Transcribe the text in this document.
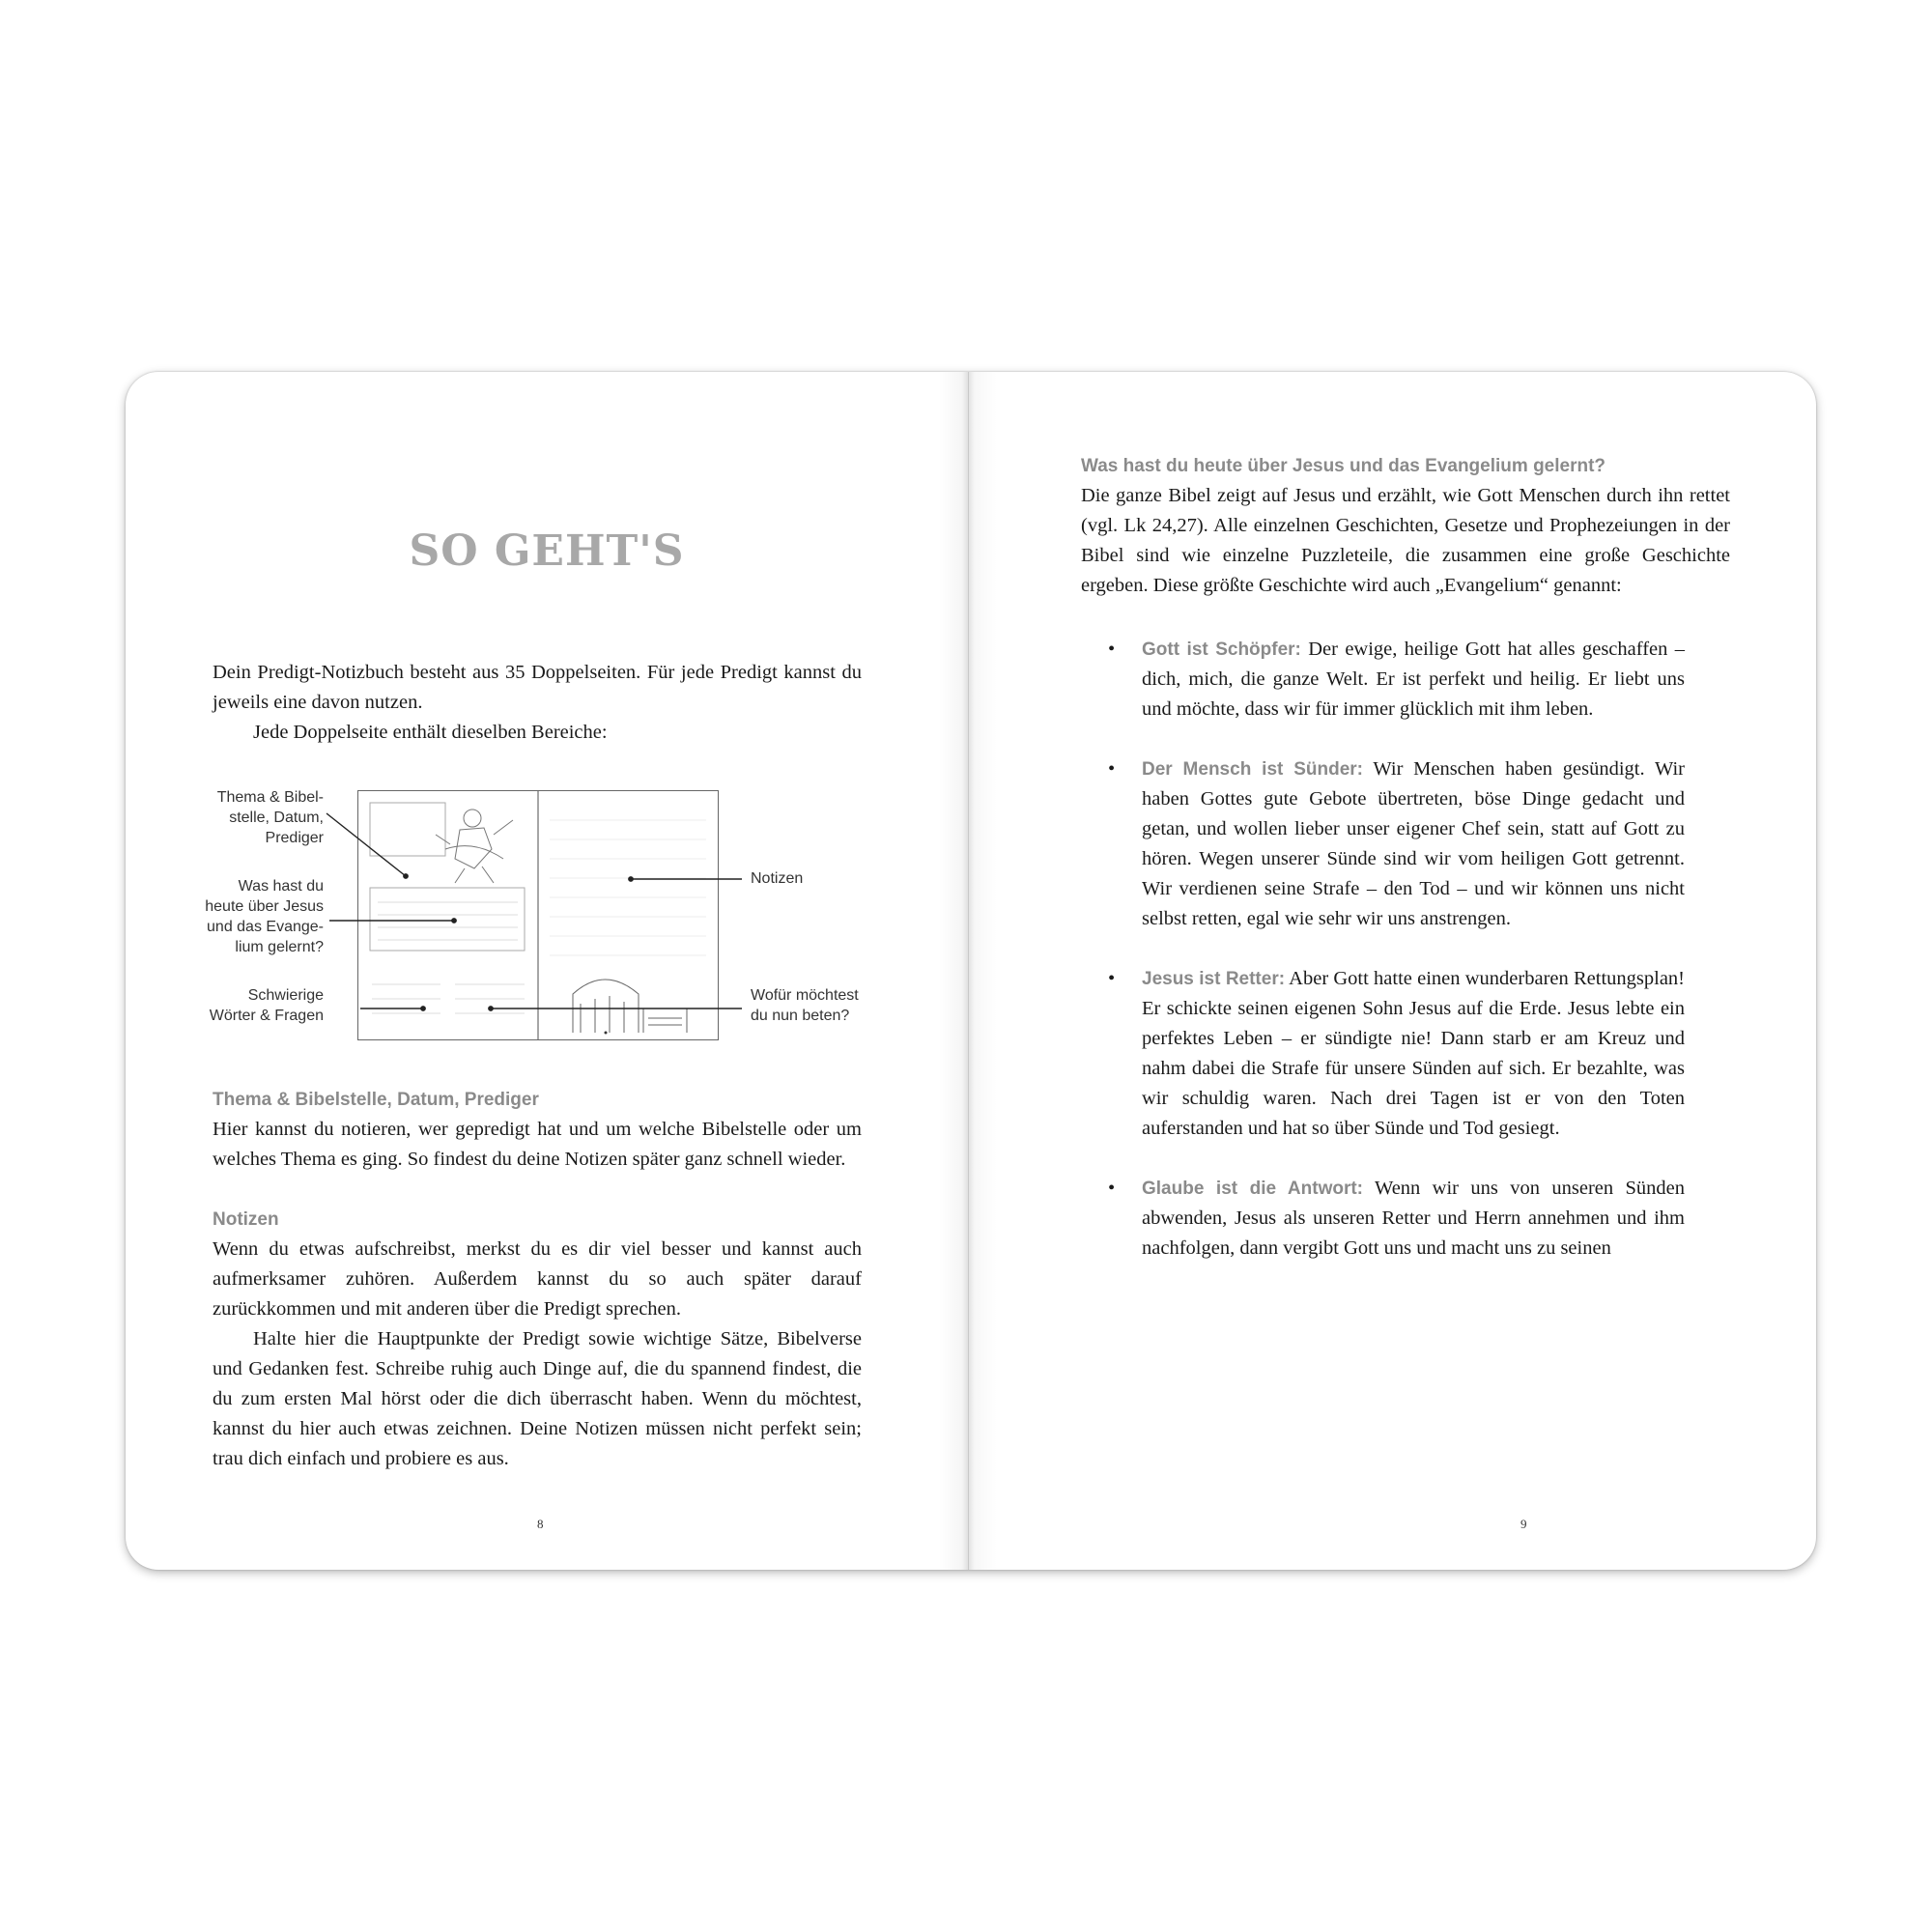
SO GEHT'S

Dein Predigt-Notizbuch besteht aus 35 Doppelseiten. Für jede Predigt kannst du jeweils eine davon nutzen.

Jede Doppelseite enthält dieselben Bereiche:

Thema & Bibel-
stelle, Datum,
Prediger
Was hast du
heute über Jesus
und das Evange-
lium gelernt?
Schwierige
Wörter & Fragen
Notizen
Wofür möchtest
du nun beten?
Thema & Bibelstelle, Datum, Prediger

Hier kannst du notieren, wer gepredigt hat und um welche Bibelstelle oder um welches Thema es ging. So findest du deine Notizen später ganz schnell wieder.

Notizen

Wenn du etwas aufschreibst, merkst du es dir viel besser und kannst auch aufmerksamer zuhören. Außerdem kannst du so auch später darauf zurückkommen und mit anderen über die Predigt sprechen.

Halte hier die Hauptpunkte der Predigt sowie wichtige Sätze, Bibelverse und Gedanken fest. Schreibe ruhig auch Dinge auf, die du spannend findest, die du zum ersten Mal hörst oder die dich überrascht haben. Wenn du möchtest, kannst du hier auch etwas zeichnen. Deine Notizen müssen nicht perfekt sein; trau dich einfach und probiere es aus.

8
Was hast du heute über Jesus und das Evangelium gelernt?

Die ganze Bibel zeigt auf Jesus und erzählt, wie Gott Menschen durch ihn rettet (vgl. Lk 24,27). Alle einzelnen Geschichten, Gesetze und Prophezeiungen in der Bibel sind wie einzelne Puzzleteile, die zusammen eine große Geschichte ergeben. Diese größte Geschichte wird auch „Evangelium“ genannt:

• Gott ist Schöpfer: Der ewige, heilige Gott hat alles geschaffen – dich, mich, die ganze Welt. Er ist perfekt und heilig. Er liebt uns und möchte, dass wir für immer glücklich mit ihm leben.
• Der Mensch ist Sünder: Wir Menschen haben gesündigt. Wir haben Gottes gute Gebote übertreten, böse Dinge gedacht und getan, und wollen lieber unser eigener Chef sein, statt auf Gott zu hören. Wegen unserer Sünde sind wir vom heiligen Gott getrennt. Wir verdienen seine Strafe – den Tod – und wir können uns nicht selbst retten, egal wie sehr wir uns anstrengen.
• Jesus ist Retter: Aber Gott hatte einen wunderbaren Rettungsplan! Er schickte seinen eigenen Sohn Jesus auf die Erde. Jesus lebte ein perfektes Leben – er sündigte nie! Dann starb er am Kreuz und nahm dabei die Strafe für unsere Sünden auf sich. Er bezahlte, was wir schuldig waren. Nach drei Tagen ist er von den Toten auferstanden und hat so über Sünde und Tod gesiegt.
• Glaube ist die Antwort: Wenn wir uns von unseren Sünden abwenden, Jesus als unseren Retter und Herrn annehmen und ihm nachfolgen, dann vergibt Gott uns und macht uns zu seinen
9
